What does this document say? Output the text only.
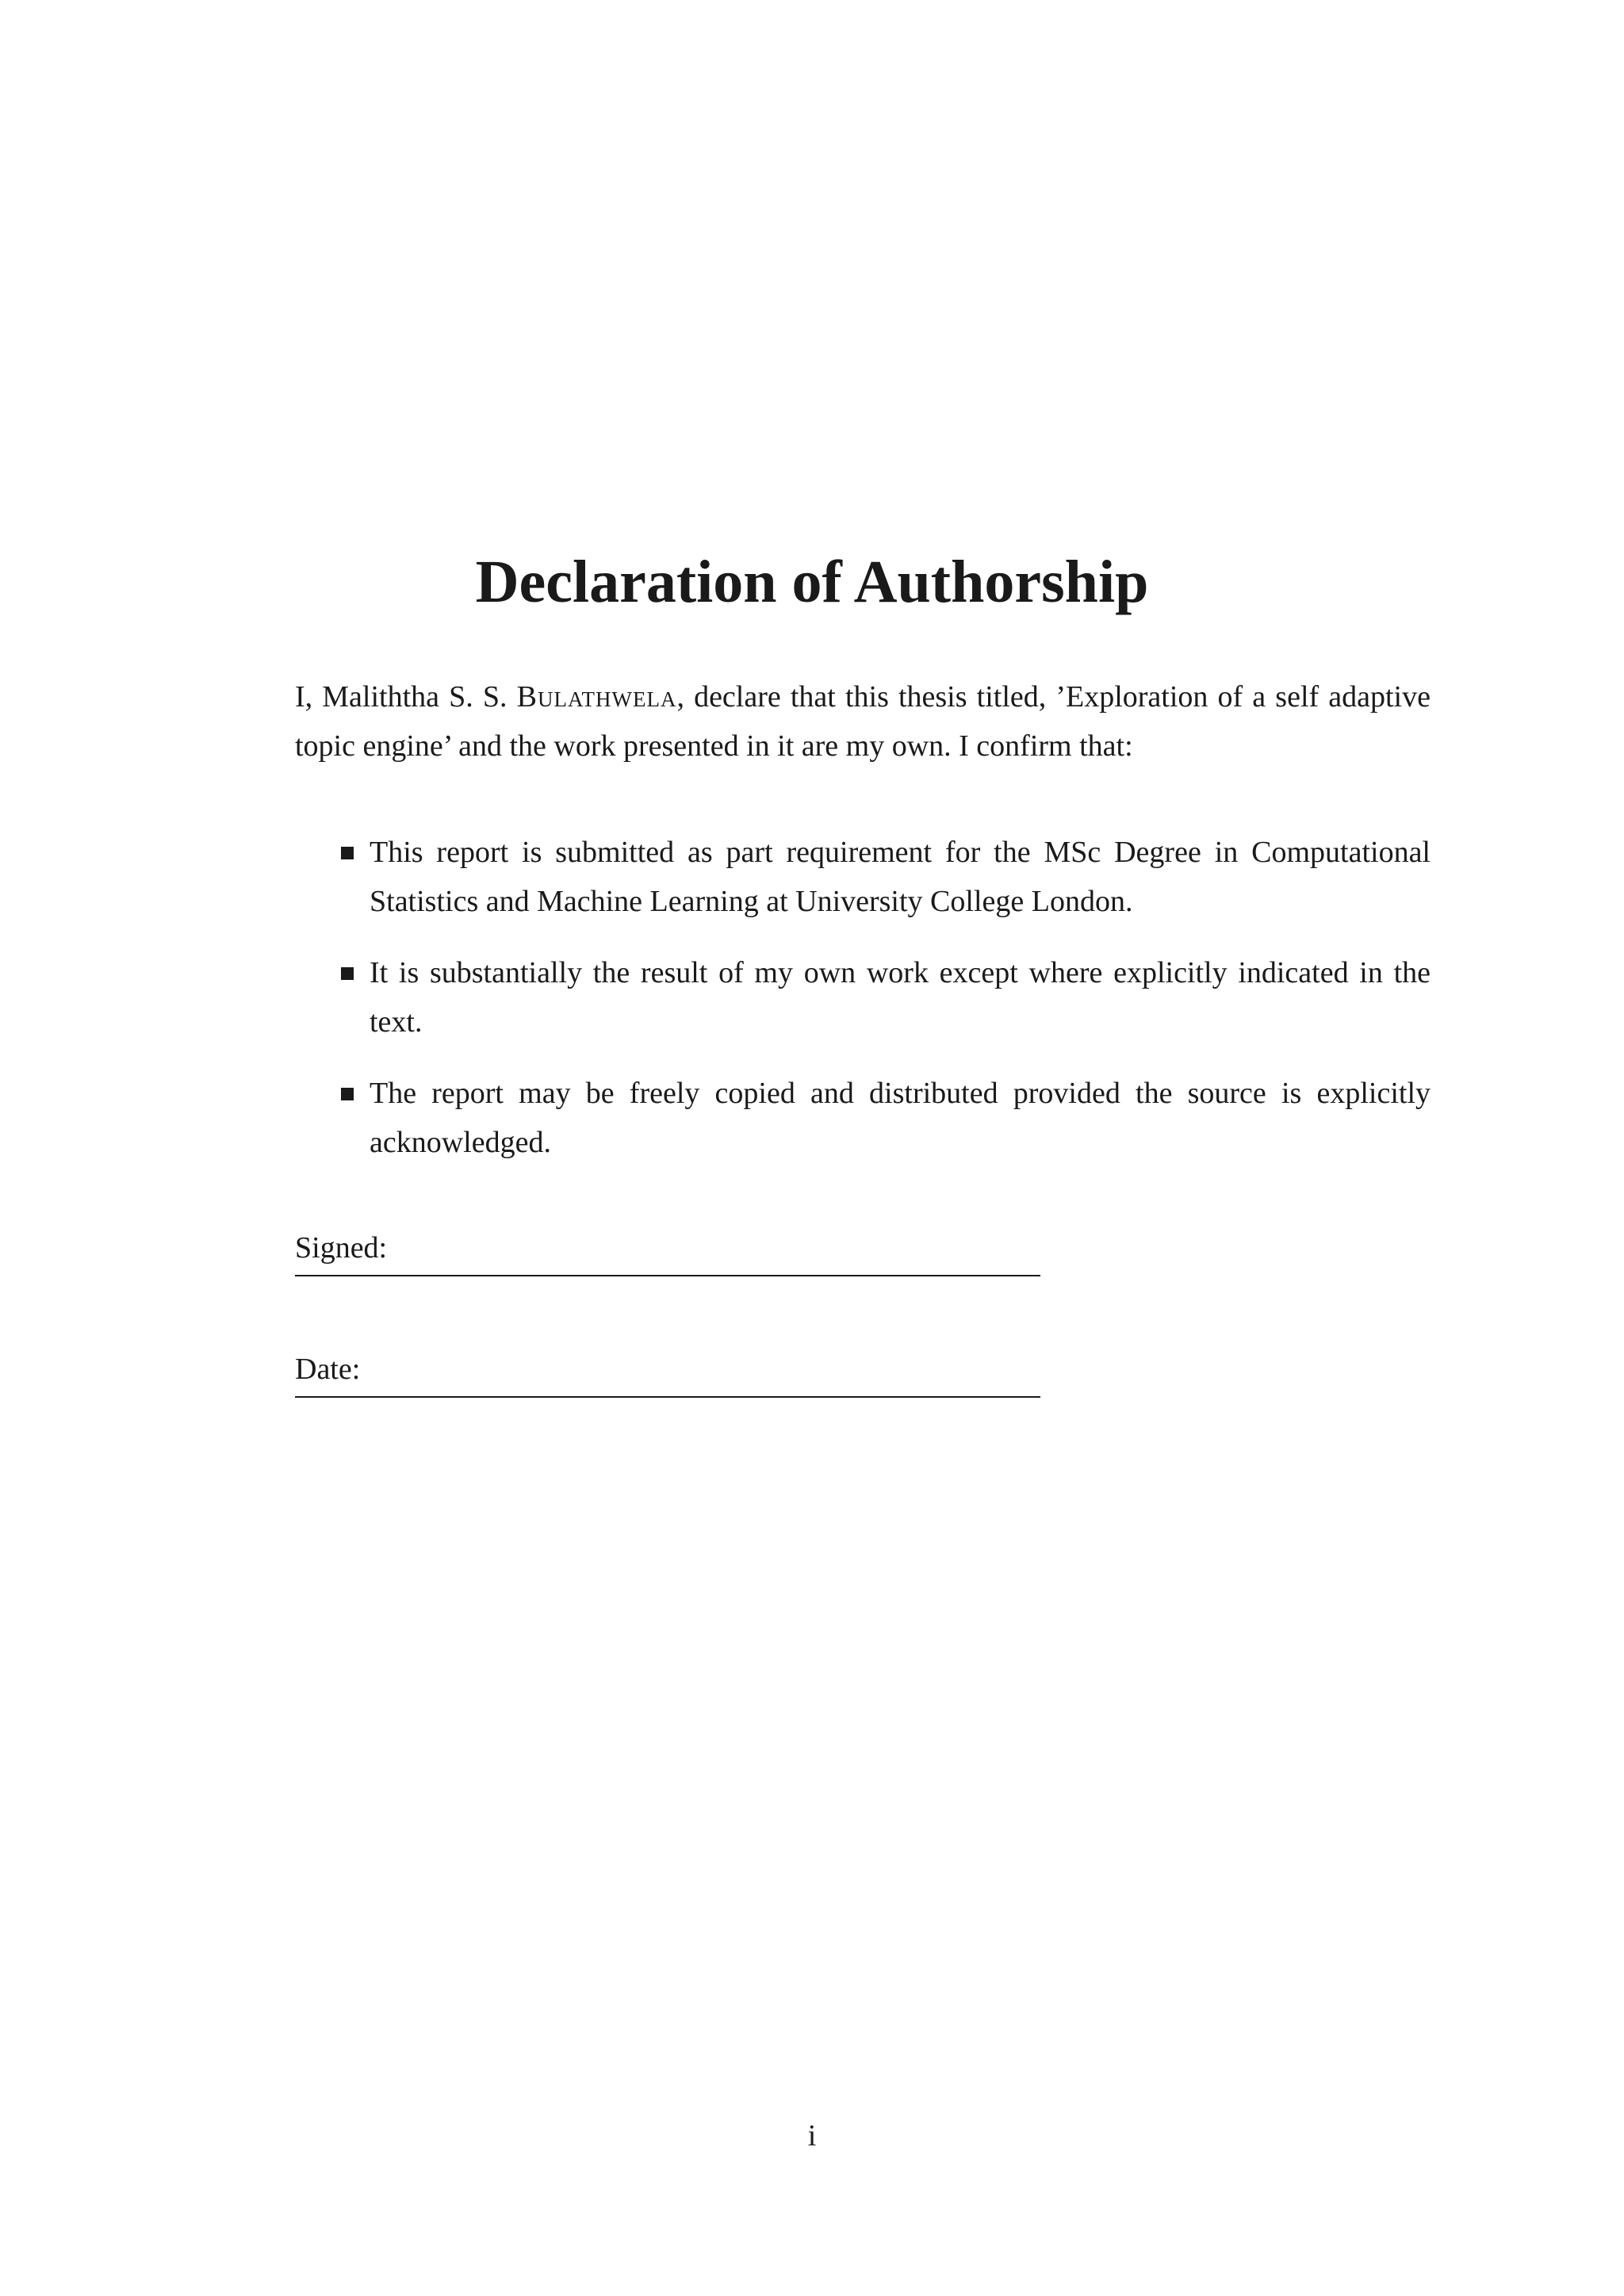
Declaration of Authorship

I, Maliththa S. S. Bulathwela, declare that this thesis titled, ’Exploration of a self adaptive topic engine’ and the work presented in it are my own. I confirm that:

This report is submitted as part requirement for the MSc Degree in Computational Statistics and Machine Learning at University College London.
It is substantially the result of my own work except where explicitly indicated in the text.
The report may be freely copied and distributed provided the source is explicitly acknowledged.
Signed:
Date:
i
